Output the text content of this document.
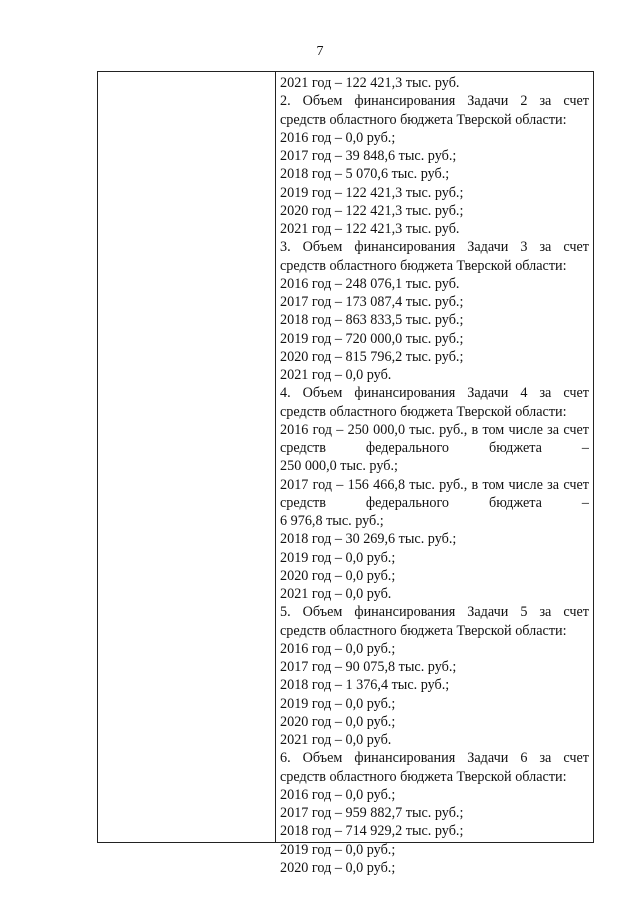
7
2021 год – 122 421,3 тыс. руб.
2. Объем финансирования Задачи 2 за счет
средств областного бюджета Тверской области:
2016 год – 0,0 руб.;
2017 год – 39 848,6 тыс. руб.;
2018 год – 5 070,6 тыс. руб.;
2019 год – 122 421,3 тыс. руб.;
2020 год – 122 421,3 тыс. руб.;
2021 год – 122 421,3 тыс. руб.
3. Объем финансирования Задачи 3 за счет
средств областного бюджета Тверской области:
2016 год – 248 076,1 тыс. руб.
2017 год – 173 087,4 тыс. руб.;
2018 год – 863 833,5 тыс. руб.;
2019 год – 720 000,0 тыс. руб.;
2020 год – 815 796,2 тыс. руб.;
2021 год – 0,0 руб.
4. Объем финансирования Задачи 4 за счет
средств областного бюджета Тверской области:
2016 год – 250 000,0 тыс. руб., в том числе за счет
средств федерального бюджета –
250 000,0 тыс. руб.;
2017 год – 156 466,8 тыс. руб., в том числе за счет
средств федерального бюджета –
6 976,8 тыс. руб.;
2018 год – 30 269,6 тыс. руб.;
2019 год – 0,0 руб.;
2020 год – 0,0 руб.;
2021 год – 0,0 руб.
5. Объем финансирования Задачи 5 за счет
средств областного бюджета Тверской области:
2016 год – 0,0 руб.;
2017 год – 90 075,8 тыс. руб.;
2018 год – 1 376,4 тыс. руб.;
2019 год – 0,0 руб.;
2020 год – 0,0 руб.;
2021 год – 0,0 руб.
6. Объем финансирования Задачи 6 за счет
средств областного бюджета Тверской области:
2016 год – 0,0 руб.;
2017 год – 959 882,7 тыс. руб.;
2018 год – 714 929,2 тыс. руб.;
2019 год – 0,0 руб.;
2020 год – 0,0 руб.;
